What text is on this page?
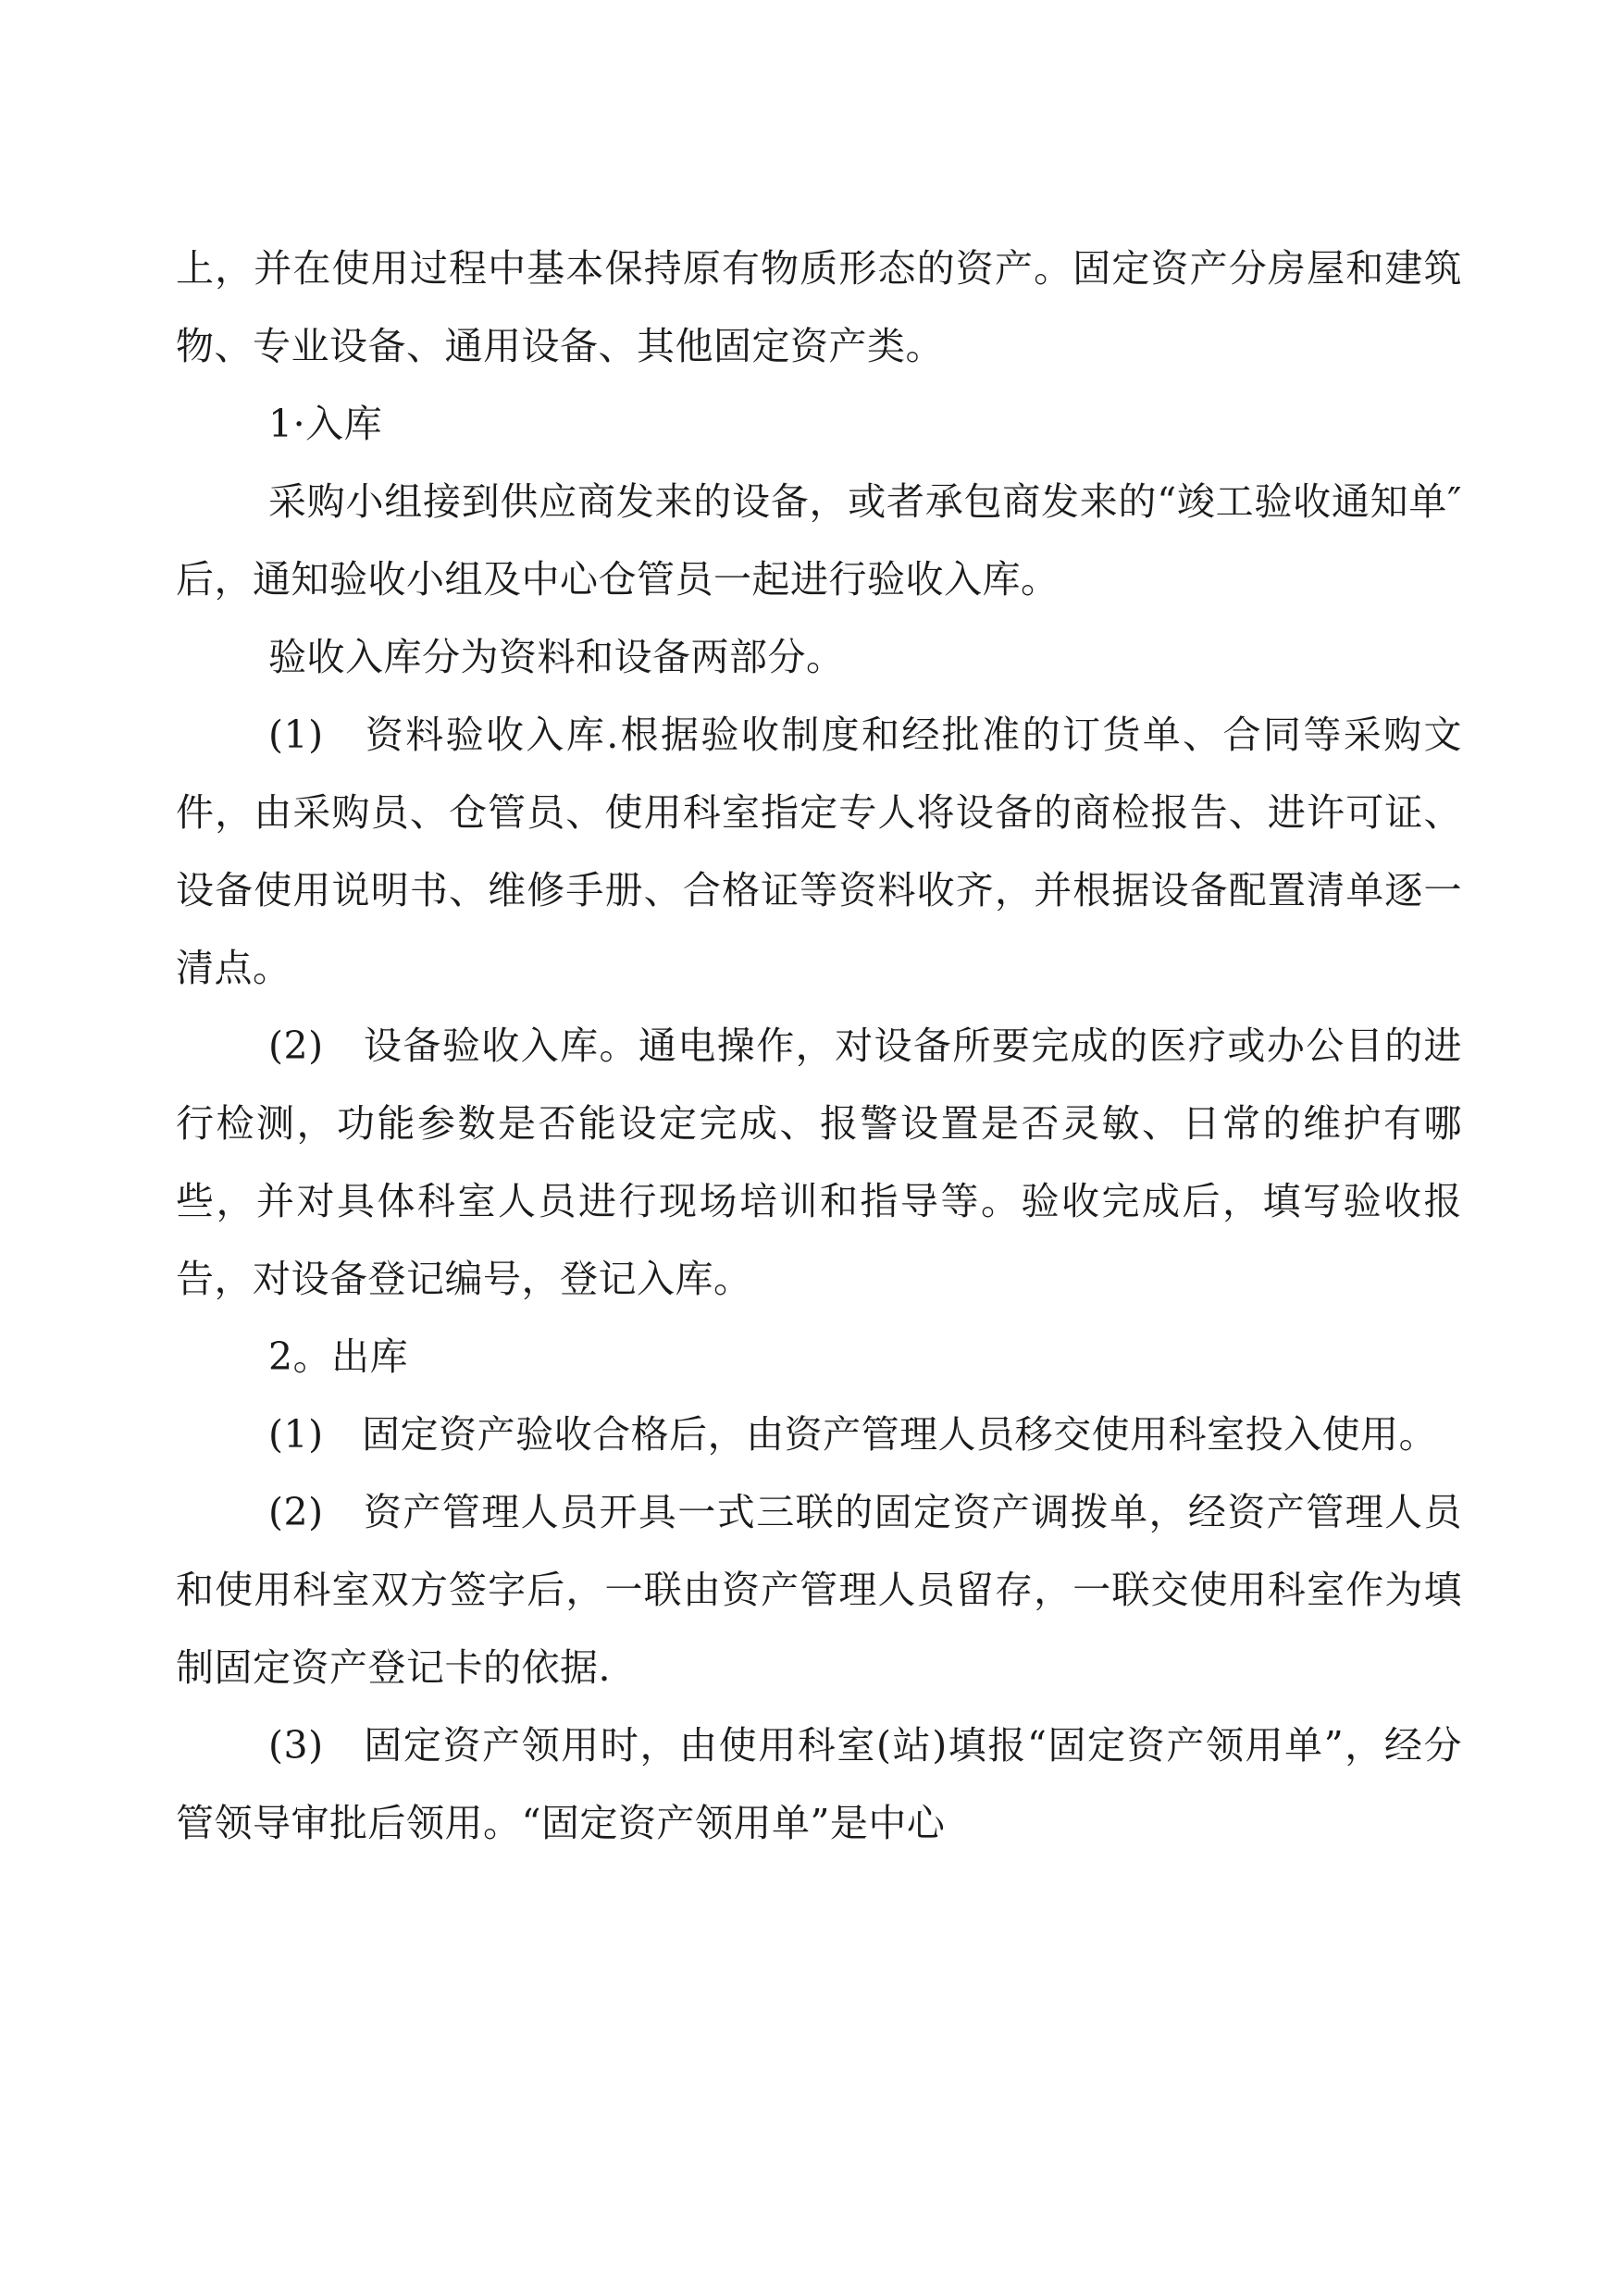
上，并在使用过程中基本保持原有物质形态的资产。固定资产分房屋和建筑物、专业设备、通用设备、其他固定资产类。

1·入库

采购小组接到供应商发来的设备，或者承包商发来的“竣工验收通知单″后，通知验收小组及中心仓管员一起进行验收入库。

验收入库分为资料和设备两部分。

(1)　资料验收入库.根据验收制度和经批准的订货单、合同等采购文件，由采购员、仓管员、使用科室指定专人将设备的商检报告、进许可证、设备使用说明书、维修手册、合格证等资料收齐，并根据设备配置清单逐一清点。

(2)　设备验收入库。通电操作，对设备所要完成的医疗或办公目的进行检测，功能参数是否能设定完成、报警设置是否灵敏、日常的维护有哪些，并对具体科室人员进行现场培训和指导等。验收完成后，填写验收报告，对设备登记编号，登记入库。

2。出库

(1)　固定资产验收合格后，由资产管理人员移交使用科室投入使用。

(2)　资产管理人员开具一式三联的固定资产调拨单，经资产管理人员和使用科室双方签字后，一联由资产管理人员留存，一联交使用科室作为填制固定资产登记卡的依据.

(3)　固定资产领用时，由使用科室(站)填报“固定资产领用单”，经分管领导审批后领用。“固定资产领用单”是中心
